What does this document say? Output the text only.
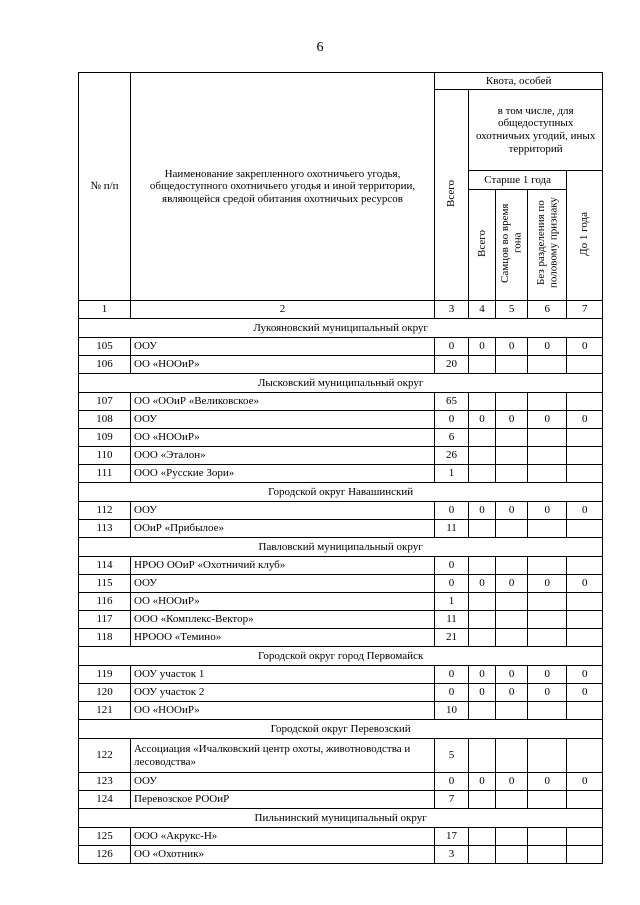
6
№ п/п	Наименование закрепленного охотничьего угодья, общедоступного охотничьего угодья и иной территории, являющейся средой обитания охотничьих ресурсов	Квота, особей				
		Всего	в том числе, для общедоступных охотничьих угодий, иных территорий			
			Старше 1 года			До 1 года
			Всего	Самцов во время гона	Без разделения по половому признаку	
1	2	3	4	5	6	7
Лукояновский муниципальный округ						
105	ООУ	0	0	0	0	0
106	ОО «НООиР»	20				
Лысковский муниципальный округ						
107	ОО «ООиР «Великовское»	65				
108	ООУ	0	0	0	0	0
109	ОО «НООиР»	6				
110	ООО «Эталон»	26				
111	ООО «Русские Зори»	1				
Городской округ Навашинский						
112	ООУ	0	0	0	0	0
113	ООиР «Прибылое»	11				
Павловский муниципальный округ						
114	НРОО ООиР «Охотничий клуб»	0				
115	ООУ	0	0	0	0	0
116	ОО «НООиР»	1				
117	ООО «Комплекс-Вектор»	11				
118	НРООО «Темино»	21				
Городской округ город Первомайск						
119	ООУ участок 1	0	0	0	0	0
120	ООУ участок 2	0	0	0	0	0
121	ОО «НООиР»	10				
Городской округ Перевозский						
122	Ассоциация «Ичалковский центр охоты, животноводства и лесоводства»	5				
123	ООУ	0	0	0	0	0
124	Перевозское РООиР	7				
Пильнинский муниципальный округ						
125	ООО «Акрукс-Н»	17				
126	ОО «Охотник»	3				
